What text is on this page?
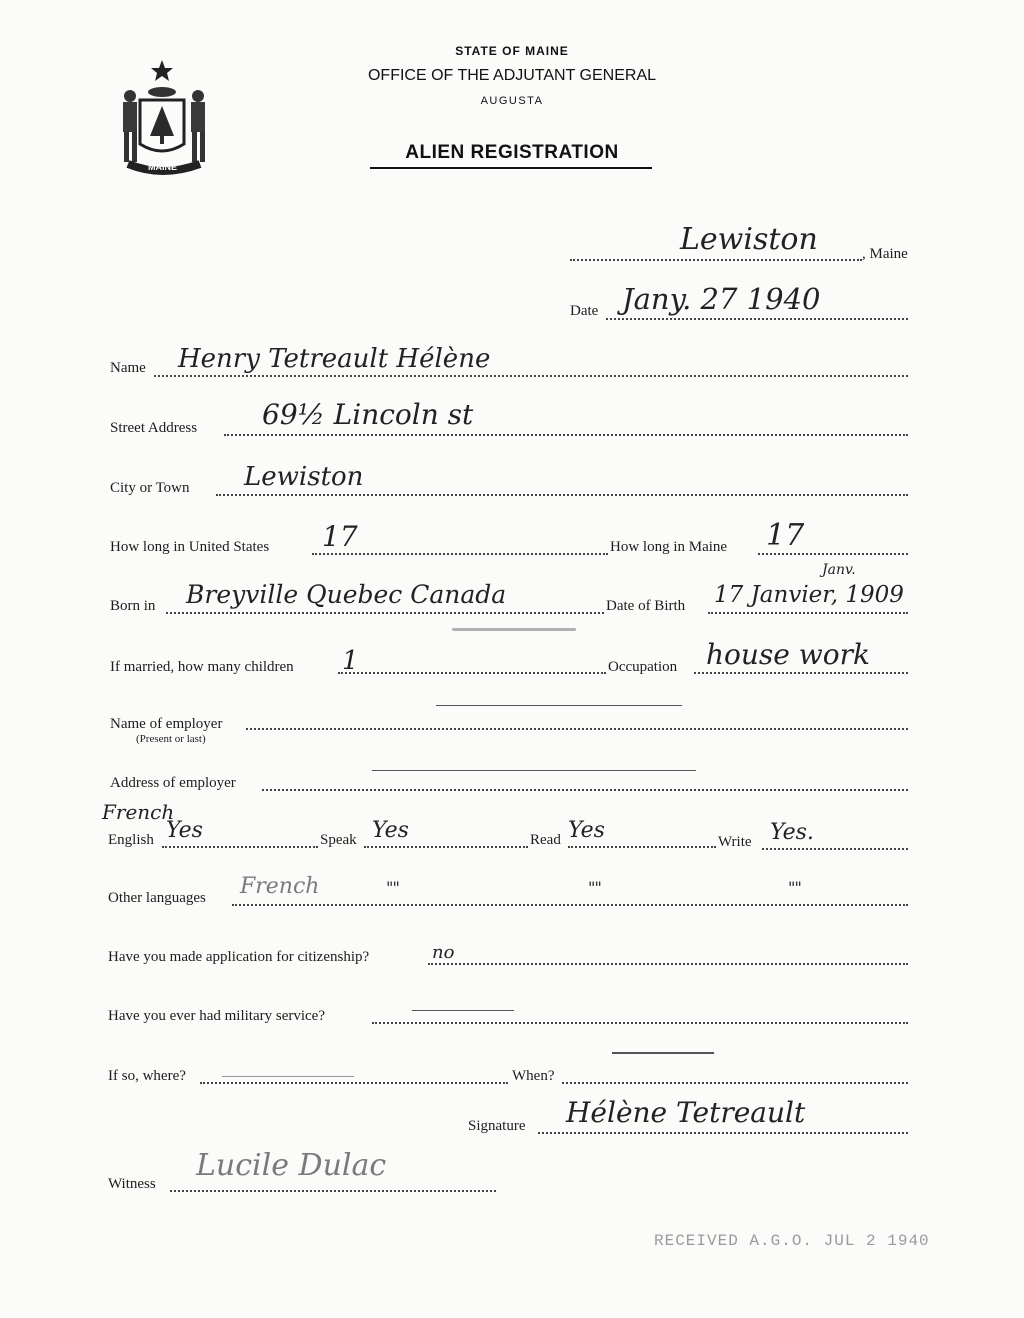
MAINE
STATE OF MAINE
OFFICE OF THE ADJUTANT GENERAL
AUGUSTA
ALIEN REGISTRATION
Lewiston	, Maine
Date Jany. 27 1940
Name Henry Tetreault Hélène
Street Address 69½ Lincoln st
City or Town Lewiston
How long in United States 17	How long in Maine 17
Born in Breyville Quebec Canada	Date of Birth
Janv.
17 Janvier, 1909
If married, how many children 1	Occupation house work
Name of employer
(Present or last)
Address of employer
French
English Yes	Speak Yes	Read Yes	Write Yes.
Other languages French	" "	" "	" "
Have you made application for citizenship?	no
Have you ever had military service?
If so, where?	When?
Signature Hélène Tetreault
Witness
Lucile Dulac
RECEIVED A.G.O. JUL 2 1940
